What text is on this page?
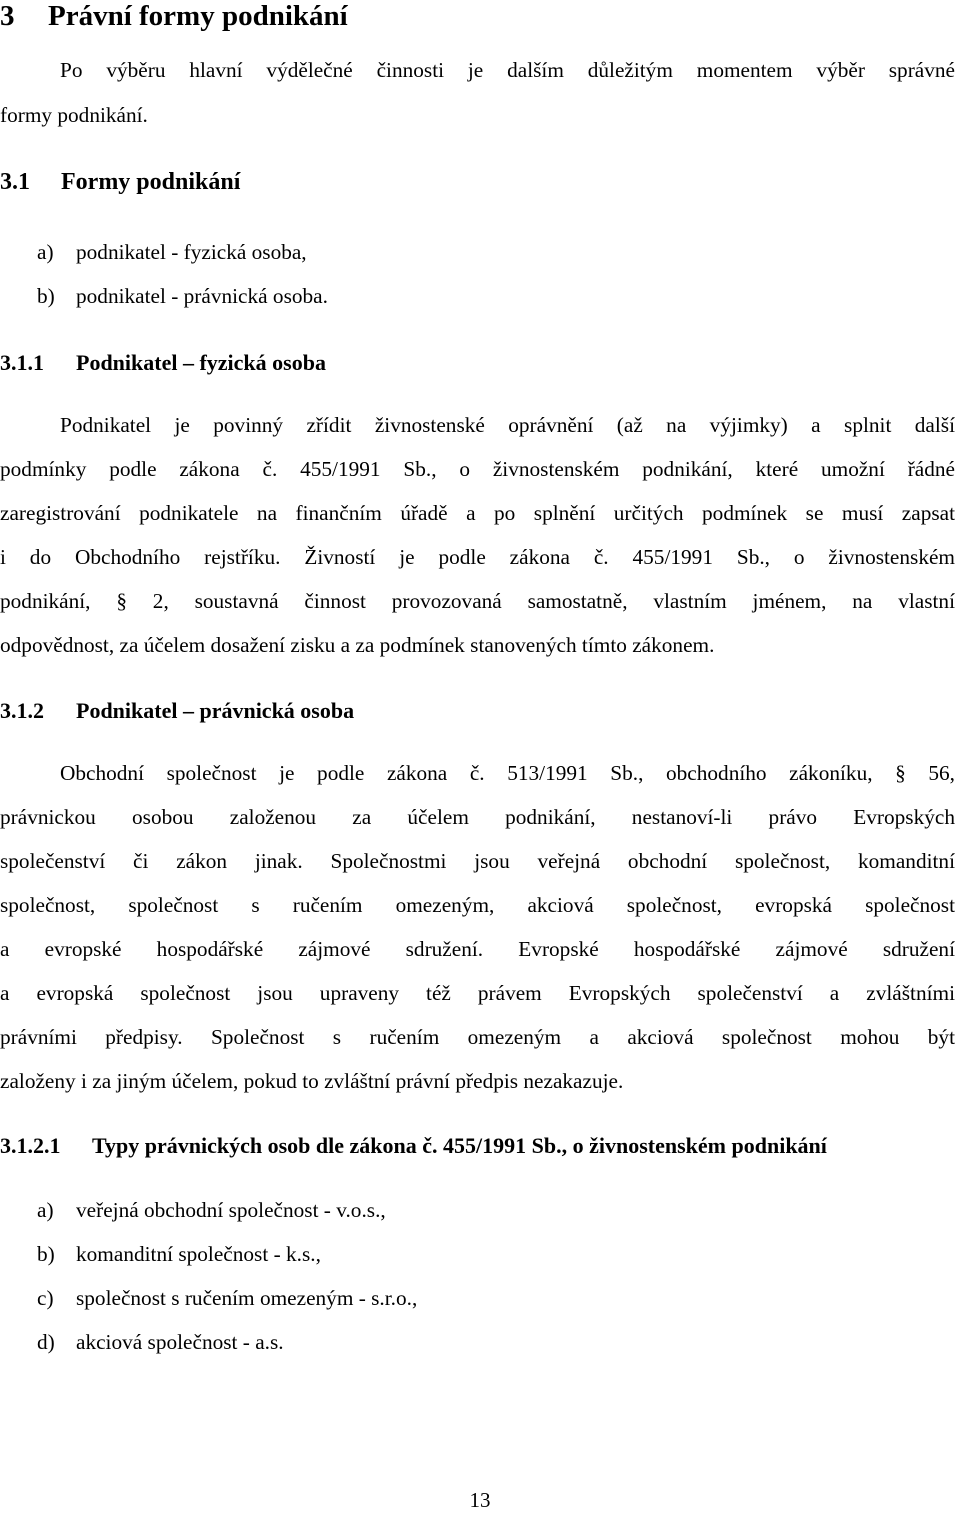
3 Právní formy podnikání
Po výběru hlavní výdělečné činnosti je dalším důležitým momentem výběr správné
formy podnikání.
3.1 Formy podnikání
a) podnikatel - fyzická osoba,
b) podnikatel - právnická osoba.
3.1.1 Podnikatel – fyzická osoba
Podnikatel je povinný zřídit živnostenské oprávnění (až na výjimky) a splnit další
podmínky podle zákona č. 455/1991 Sb., o živnostenském podnikání, které umožní řádné
zaregistrování podnikatele na finančním úřadě a po splnění určitých podmínek se musí zapsat
i do Obchodního rejstříku. Živností je podle zákona č. 455/1991 Sb., o živnostenském
podnikání, § 2, soustavná činnost provozovaná samostatně, vlastním jménem, na vlastní
odpovědnost, za účelem dosažení zisku a za podmínek stanovených tímto zákonem.
3.1.2 Podnikatel – právnická osoba
Obchodní společnost je podle zákona č. 513/1991 Sb., obchodního zákoníku, § 56,
právnickou osobou založenou za účelem podnikání, nestanoví-li právo Evropských
společenství či zákon jinak. Společnostmi jsou veřejná obchodní společnost, komanditní
společnost, společnost s ručením omezeným, akciová společnost, evropská společnost
a evropské hospodářské zájmové sdružení. Evropské hospodářské zájmové sdružení
a evropská společnost jsou upraveny též právem Evropských společenství a zvláštními
právními předpisy. Společnost s ručením omezeným a akciová společnost mohou být
založeny i za jiným účelem, pokud to zvláštní právní předpis nezakazuje.
3.1.2.1 Typy právnických osob dle zákona č. 455/1991 Sb., o živnostenském podnikání
a) veřejná obchodní společnost - v.o.s.,
b) komanditní společnost - k.s.,
c) společnost s ručením omezeným - s.r.o.,
d) akciová společnost - a.s.
13
